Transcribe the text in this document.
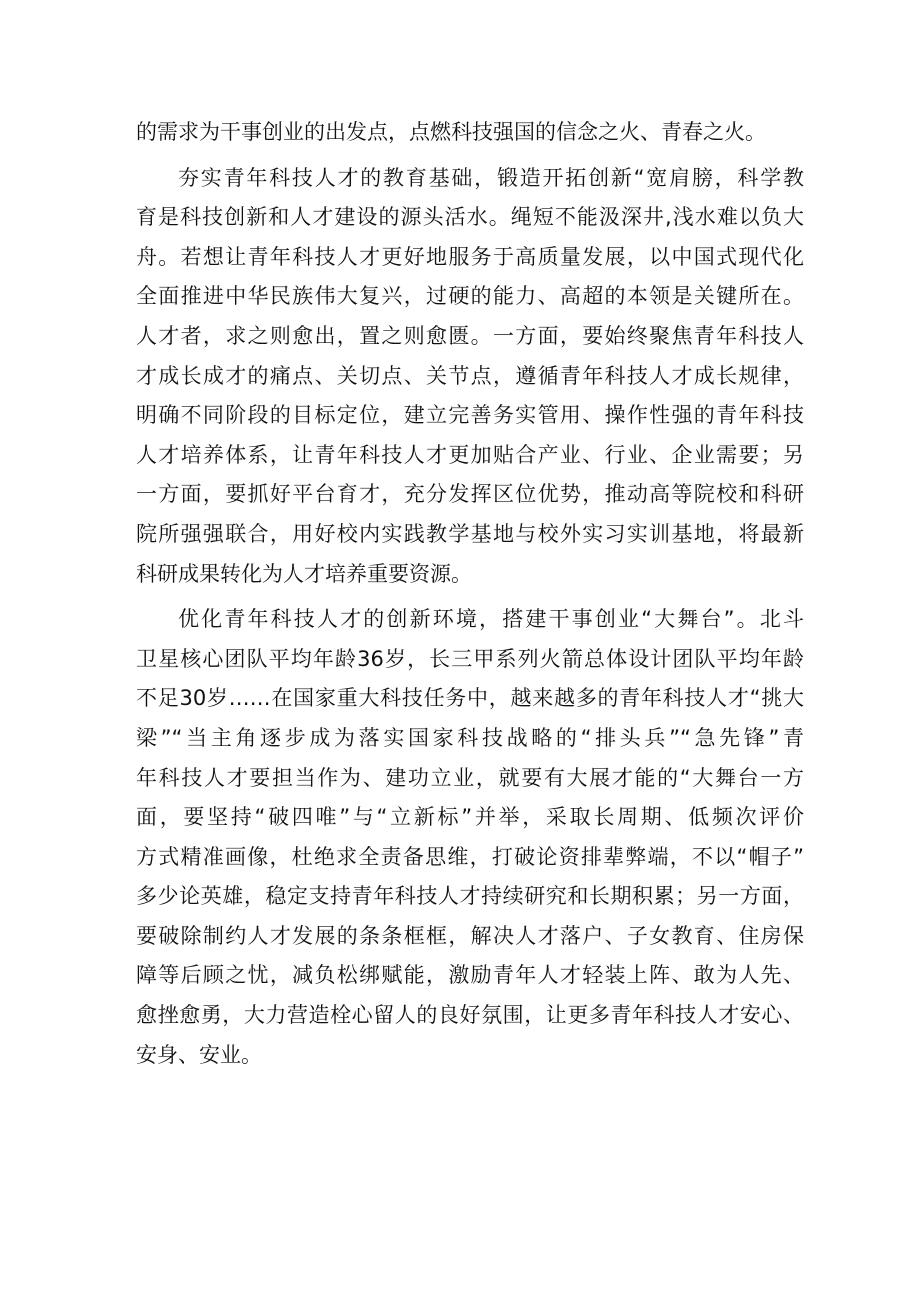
的需求为干事创业的出发点，点燃科技强国的信念之火、青春之火。
夯实青年科技人才的教育基础，锻造开拓创新“宽肩膀，科学教
育是科技创新和人才建设的源头活水。绳短不能汲深井,浅水难以负大
舟。若想让青年科技人才更好地服务于高质量发展，以中国式现代化
全面推进中华民族伟大复兴，过硬的能力、高超的本领是关键所在。
人才者，求之则愈出，置之则愈匮。一方面，要始终聚焦青年科技人
才成长成才的痛点、关切点、关节点，遵循青年科技人才成长规律，
明确不同阶段的目标定位，建立完善务实管用、操作性强的青年科技
人才培养体系，让青年科技人才更加贴合产业、行业、企业需要；另
一方面，要抓好平台育才，充分发挥区位优势，推动高等院校和科研
院所强强联合，用好校内实践教学基地与校外实习实训基地，将最新
科研成果转化为人才培养重要资源。
优化青年科技人才的创新环境，搭建干事创业“大舞台”。北斗
卫星核心团队平均年龄36岁，长三甲系列火箭总体设计团队平均年龄
不足30岁……在国家重大科技任务中，越来越多的青年科技人才“挑大
梁”“当主角逐步成为落实国家科技战略的“排头兵”“急先锋”青
年科技人才要担当作为、建功立业，就要有大展才能的“大舞台一方
面，要坚持“破四唯”与“立新标”并举，采取长周期、低频次评价
方式精准画像，杜绝求全责备思维，打破论资排辈弊端，不以“帽子”
多少论英雄，稳定支持青年科技人才持续研究和长期积累；另一方面，
要破除制约人才发展的条条框框，解决人才落户、子女教育、住房保
障等后顾之忧，减负松绑赋能，激励青年人才轻装上阵、敢为人先、
愈挫愈勇，大力营造栓心留人的良好氛围，让更多青年科技人才安心、
安身、安业。
